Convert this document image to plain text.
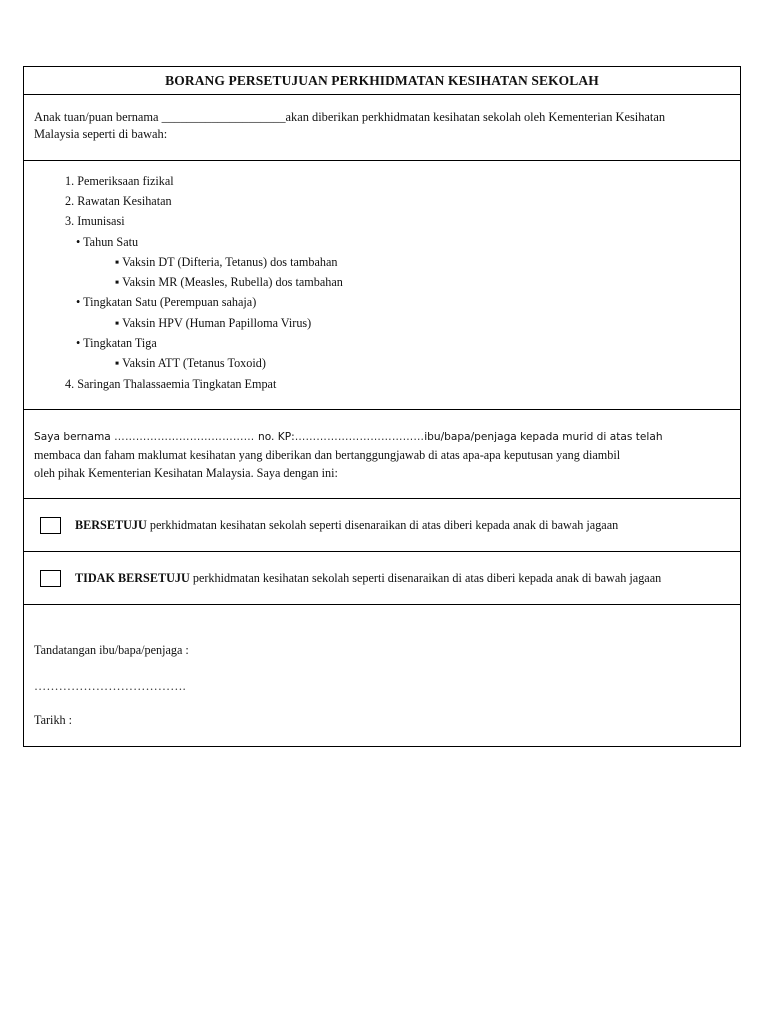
BORANG PERSETUJUAN PERKHIDMATAN KESIHATAN SEKOLAH
Anak tuan/puan bernama ____________________akan diberikan perkhidmatan kesihatan sekolah oleh Kementerian Kesihatan
Malaysia seperti di bawah:
1. Pemeriksaan fizikal
2. Rawatan Kesihatan
3. Imunisasi
• Tahun Satu
▪ Vaksin DT (Difteria, Tetanus) dos tambahan
▪ Vaksin MR (Measles, Rubella) dos tambahan
• Tingkatan Satu (Perempuan sahaja)
▪ Vaksin HPV (Human Papilloma Virus)
• Tingkatan Tiga
▪ Vaksin ATT (Tetanus Toxoid)
4. Saringan Thalassaemia Tingkatan Empat
Saya bernama ………………………………… no. KP:………………………………ibu/bapa/penjaga kepada murid di atas telah
membaca dan faham maklumat kesihatan yang diberikan dan bertanggungjawab di atas apa-apa keputusan yang diambil
oleh pihak Kementerian Kesihatan Malaysia. Saya dengan ini:
BERSETUJU perkhidmatan kesihatan sekolah seperti disenaraikan di atas diberi kepada anak di bawah jagaan
TIDAK BERSETUJU perkhidmatan kesihatan sekolah seperti disenaraikan di atas diberi kepada anak di bawah jagaan
Tandatangan ibu/bapa/penjaga :
……………………………….
Tarikh :
